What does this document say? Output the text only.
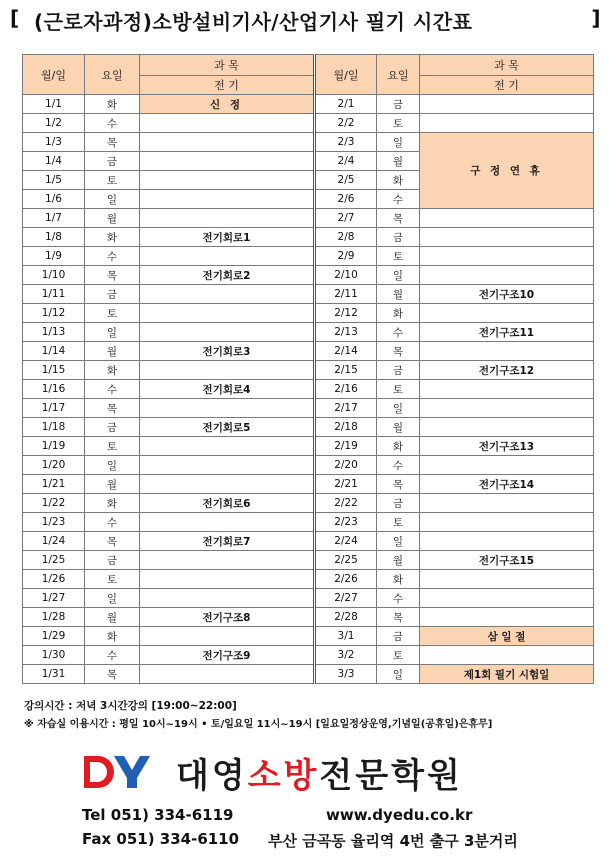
[ (근로자과정)소방설비기사/산업기사 필기 시간표	]
월/일	요일	과 목	월/일	요일	과 목
		전 기			전 기
1/1	화	신 정	2/1	금	
1/2	수		2/2	토	
1/3	목		2/3	일	구 정 연 휴
1/4	금		2/4	월	
1/5	토		2/5	화	
1/6	일		2/6	수	
1/7	월		2/7	목	
1/8	화	전기회로1	2/8	금	
1/9	수		2/9	토	
1/10	목	전기회로2	2/10	일	
1/11	금		2/11	월	전기구조10
1/12	토		2/12	화	
1/13	일		2/13	수	전기구조11
1/14	월	전기회로3	2/14	목	
1/15	화		2/15	금	전기구조12
1/16	수	전기회로4	2/16	토	
1/17	목		2/17	일	
1/18	금	전기회로5	2/18	월	
1/19	토		2/19	화	전기구조13
1/20	일		2/20	수	
1/21	월		2/21	목	전기구조14
1/22	화	전기회로6	2/22	금	
1/23	수		2/23	토	
1/24	목	전기회로7	2/24	일	
1/25	금		2/25	월	전기구조15
1/26	토		2/26	화	
1/27	일		2/27	수	
1/28	월	전기구조8	2/28	목	
1/29	화		3/1	금	삼 일 절
1/30	수	전기구조9	3/2	토	
1/31	목		3/3	일	제1회 필기 시험일
강의시간 : 저녁 3시간강의 [19:00~22:00]
※ 자습실 이용시간 : 평일 10시~19시 • 토/일요일 11시~19시 [일요일정상운영,기념일(공휴일)은휴무]
대영소방전문학원
Tel 051) 334-6119	www.dyedu.co.kr
Fax 051) 334-6110 부산 금곡동 율리역 4번 출구 3분거리
